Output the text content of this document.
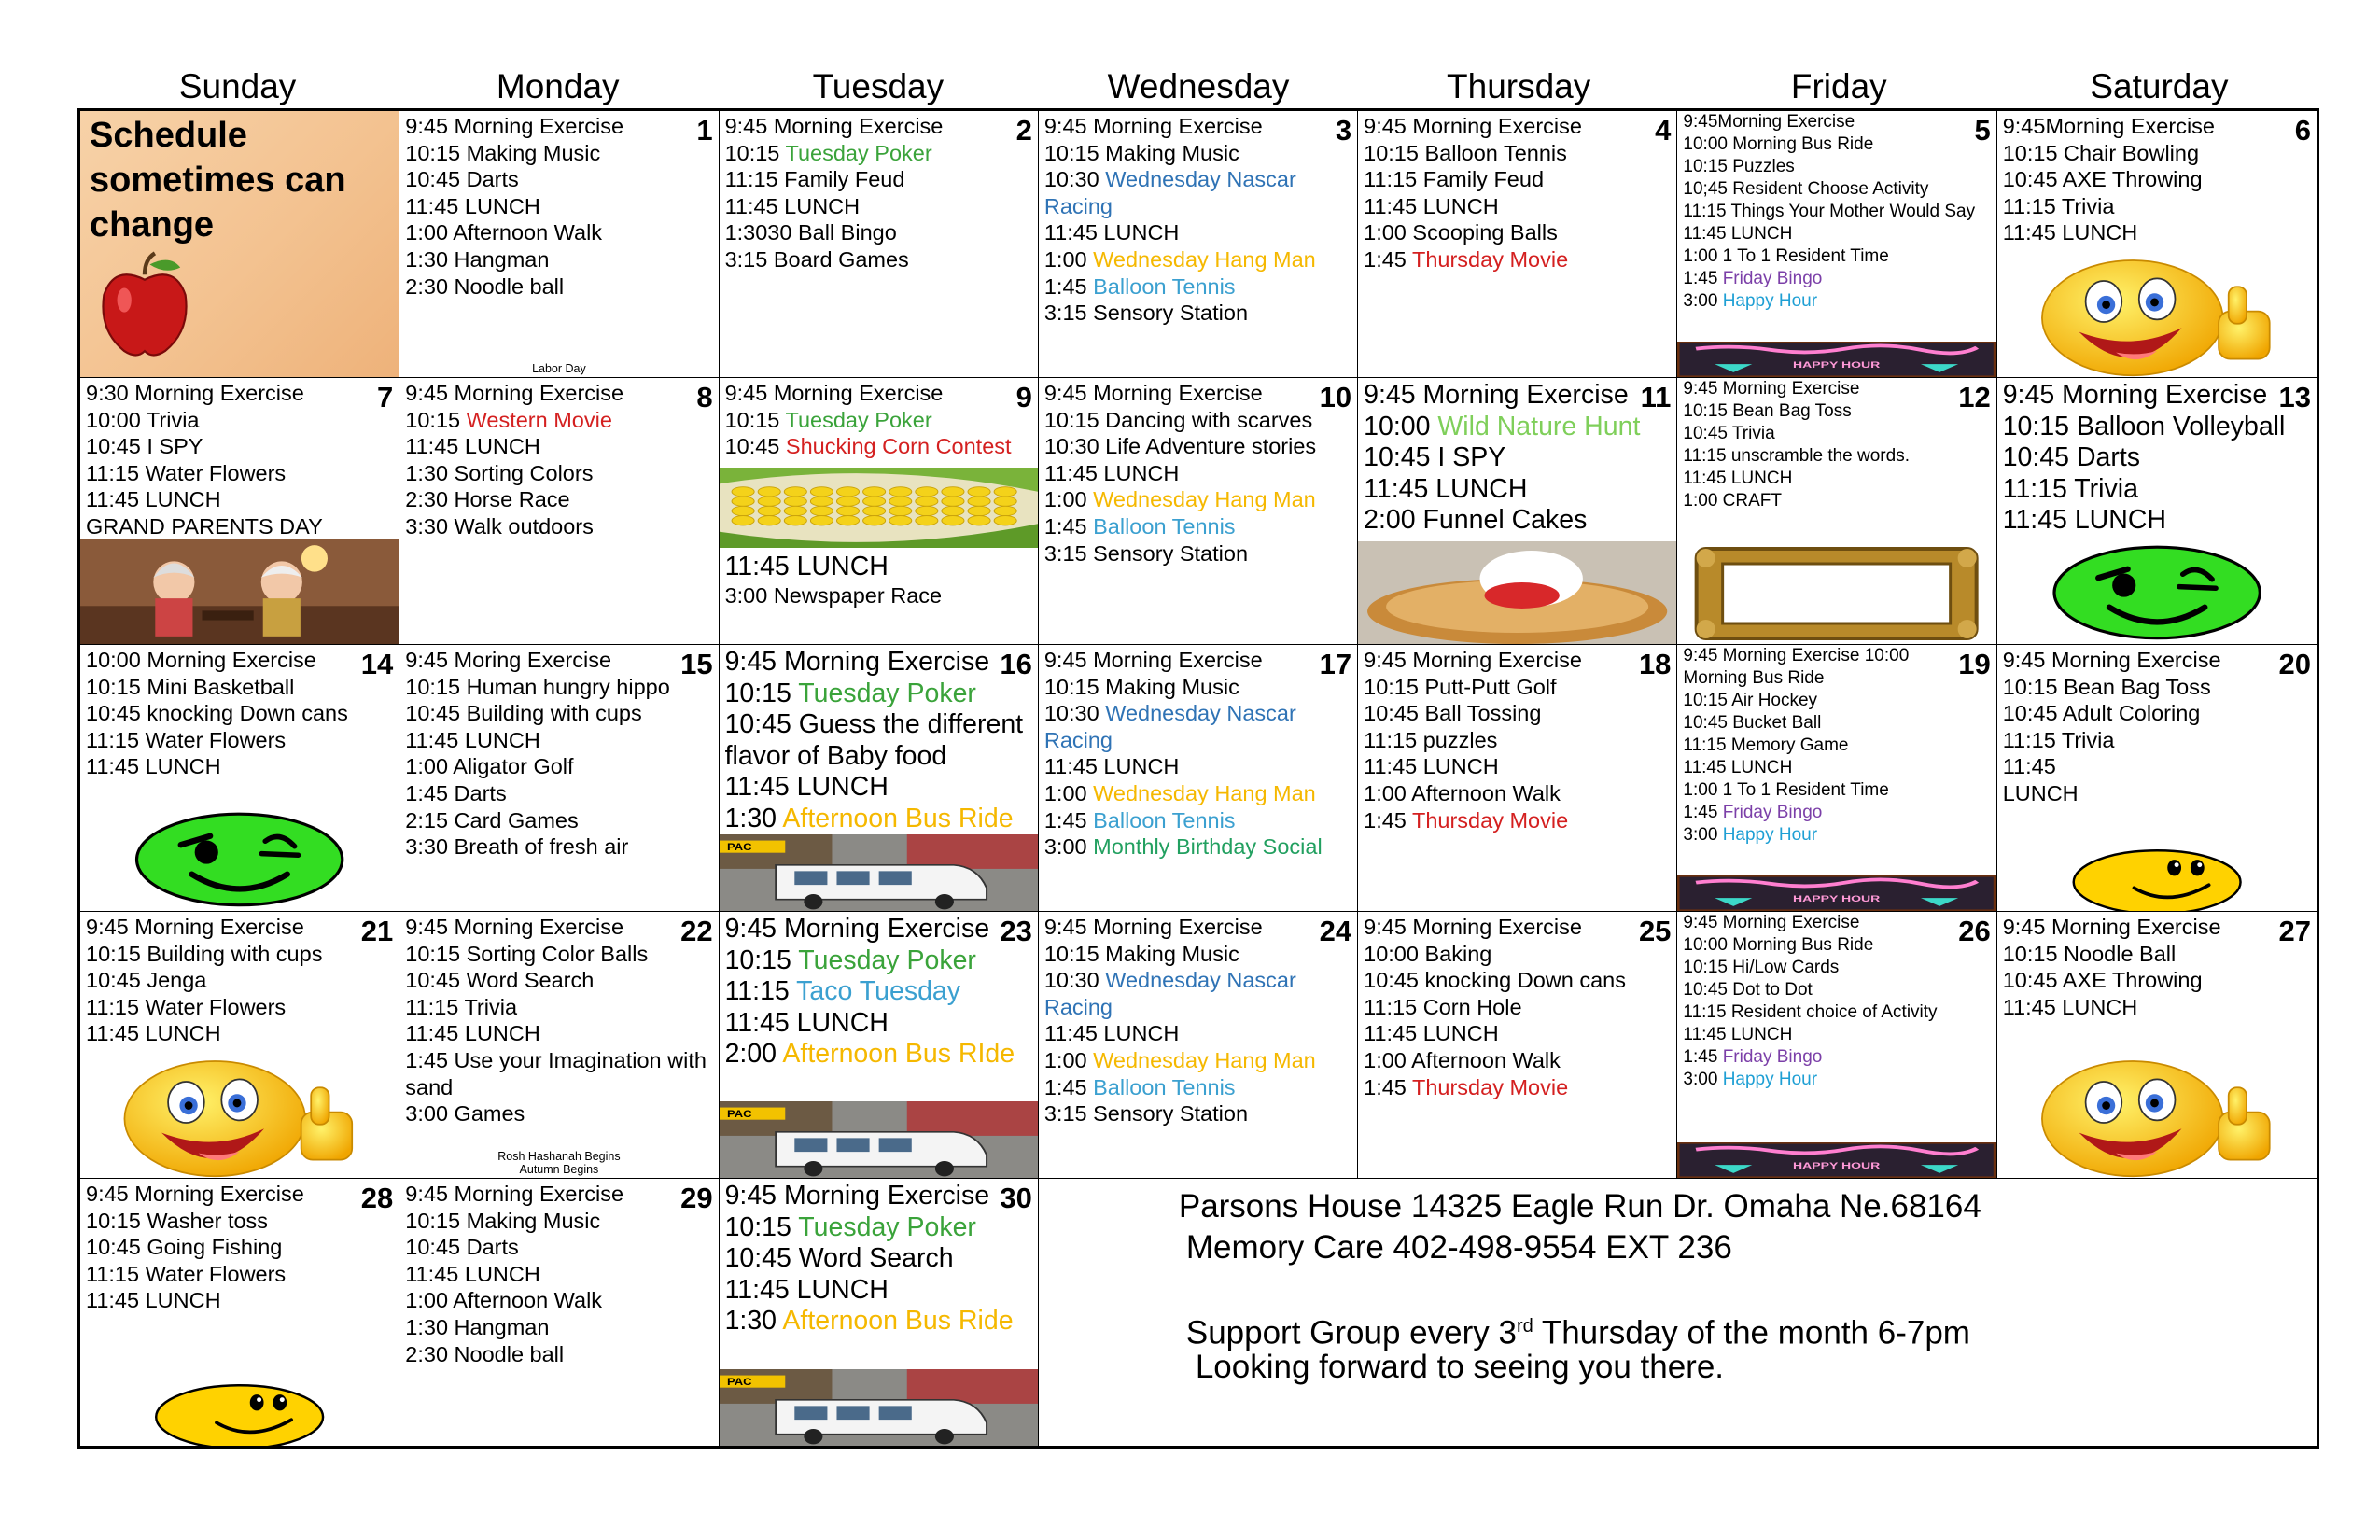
Sunday	Monday	Tuesday	Wednesday	Thursday	Friday	Saturday
Schedule sometimes can change
1
9:45 Morning Exercise
10:15 Making Music
10:45 Darts
11:45 LUNCH
1:00 Afternoon Walk
1:30 Hangman
2:30 Noodle ball
Labor Day
2
9:45 Morning Exercise
10:15 Tuesday Poker
11:15 Family Feud
11:45 LUNCH
1:3030 Ball Bingo
3:15 Board Games
3
9:45 Morning Exercise
10:15 Making Music
10:30 Wednesday Nascar Racing
11:45 LUNCH
1:00 Wednesday Hang Man
1:45 Balloon Tennis
3:15 Sensory Station
4
9:45 Morning Exercise
10:15 Balloon Tennis
11:15 Family Feud
11:45 LUNCH
1:00 Scooping Balls
1:45 Thursday Movie
5
9:45Morning Exercise
10:00 Morning Bus Ride
10:15 Puzzles
10;45 Resident Choose Activity
11:15 Things Your Mother Would Say
11:45 LUNCH
1:00 1 To 1 Resident Time
1:45 Friday Bingo
3:00 Happy Hour
HAPPY HOUR
6
9:45Morning Exercise
10:15 Chair Bowling
10:45 AXE Throwing
11:15 Trivia
11:45 LUNCH
7
9:30 Morning Exercise
10:00 Trivia
10:45 I SPY
11:15 Water Flowers
11:45 LUNCH
GRAND PARENTS DAY
8
9:45 Morning Exercise
10:15 Western Movie
11:45 LUNCH
1:30 Sorting Colors
2:30 Horse Race
3:30 Walk outdoors
9
9:45 Morning Exercise
10:15 Tuesday Poker
10:45 Shucking Corn Contest
11:45 LUNCH
3:00 Newspaper Race
10
9:45 Morning Exercise
10:15 Dancing with scarves
10:30 Life Adventure stories
11:45 LUNCH
1:00 Wednesday Hang Man
1:45 Balloon Tennis
3:15 Sensory Station
11
9:45 Morning Exercise
10:00 Wild Nature Hunt
10:45 I SPY
11:45 LUNCH
2:00 Funnel Cakes
12
9:45 Morning Exercise
10:15 Bean Bag Toss
10:45 Trivia
11:15 unscramble the words.
11:45 LUNCH
1:00 CRAFT
13
9:45 Morning Exercise
10:15 Balloon Volleyball
10:45 Darts
11:15 Trivia
11:45 LUNCH
14
10:00 Morning Exercise
10:15 Mini Basketball
10:45 knocking Down cans
11:15 Water Flowers
11:45 LUNCH
15
9:45 Moring Exercise
10:15 Human hungry hippo
10:45 Building with cups
11:45 LUNCH
1:00 Aligator Golf
1:45 Darts
2:15 Card Games
3:30 Breath of fresh air
16
9:45 Morning Exercise
10:15 Tuesday Poker
10:45 Guess the different flavor of Baby food
11:45 LUNCH
1:30 Afternoon Bus Ride
PAC
17
9:45 Morning Exercise
10:15 Making Music
10:30 Wednesday Nascar Racing
11:45 LUNCH
1:00 Wednesday Hang Man
1:45 Balloon Tennis
3:00 Monthly Birthday Social
18
9:45 Morning Exercise
10:15 Putt-Putt Golf
10:45 Ball Tossing
11:15 puzzles
11:45 LUNCH
1:00 Afternoon Walk
1:45 Thursday Movie
19
9:45 Morning Exercise 10:00
Morning Bus Ride
10:15 Air Hockey
10:45 Bucket Ball
11:15 Memory Game
11:45 LUNCH
1:00 1 To 1 Resident Time
1:45 Friday Bingo
3:00 Happy Hour
HAPPY HOUR
20
9:45 Morning Exercise
10:15 Bean Bag Toss
10:45 Adult Coloring
11:15 Trivia
11:45
LUNCH
21
9:45 Morning Exercise
10:15 Building with cups
10:45 Jenga
11:15 Water Flowers
11:45 LUNCH
22
9:45 Morning Exercise
10:15 Sorting Color Balls
10:45 Word Search
11:15 Trivia
11:45 LUNCH
1:45 Use your Imagination with sand
3:00 Games
Rosh Hashanah Begins
Autumn Begins
23
9:45 Morning Exercise
10:15 Tuesday Poker
11:15 Taco Tuesday
11:45 LUNCH
2:00 Afternoon Bus RIde
PAC
24
9:45 Morning Exercise
10:15 Making Music
10:30 Wednesday Nascar Racing
11:45 LUNCH
1:00 Wednesday Hang Man
1:45 Balloon Tennis
3:15 Sensory Station
25
9:45 Morning Exercise
10:00 Baking
10:45 knocking Down cans
11:15 Corn Hole
11:45 LUNCH
1:00 Afternoon Walk
1:45 Thursday Movie
26
9:45 Morning Exercise
10:00 Morning Bus Ride
10:15 Hi/Low Cards
10:45 Dot to Dot
11:15 Resident choice of Activity
11:45 LUNCH
1:45 Friday Bingo
3:00 Happy Hour
HAPPY HOUR
27
9:45 Morning Exercise
10:15 Noodle Ball
10:45 AXE Throwing
11:45 LUNCH
28
9:45 Morning Exercise
10:15 Washer toss
10:45 Going Fishing
11:15 Water Flowers
11:45 LUNCH
29
9:45 Morning Exercise
10:15 Making Music
10:45 Darts
11:45 LUNCH
1:00 Afternoon Walk
1:30 Hangman
2:30 Noodle ball
30
9:45 Morning Exercise
10:15 Tuesday Poker
10:45 Word Search
11:45 LUNCH
1:30 Afternoon Bus Ride
PAC
Parsons House 14325 Eagle Run Dr. Omaha Ne.68164
Memory Care 402-498-9554 EXT 236
Support Group every 3rd Thursday of the month 6-7pm
Looking forward to seeing you there.
